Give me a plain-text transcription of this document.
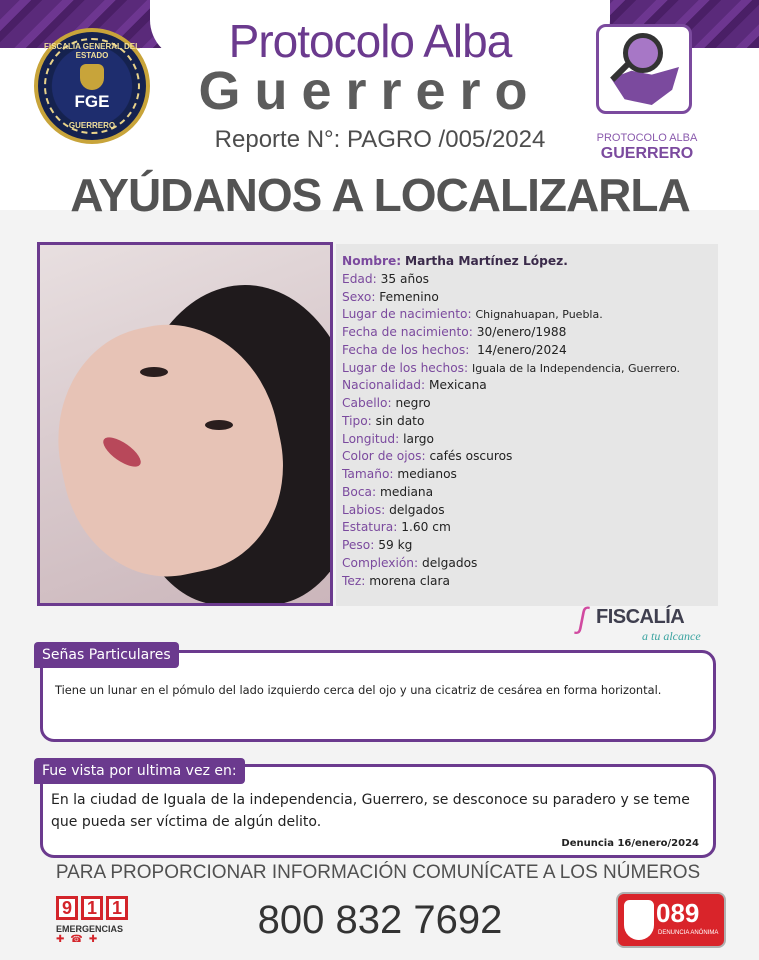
FISCALÍA GENERAL DEL ESTADO
FGE
GUERRERO
Protocolo Alba
Guerrero
Reporte N°: PAGRO /005/2024	PROTOCOLO ALBA
GUERRERO
AYÚDANOS A LOCALIZARLA
Nombre: Martha Martínez López.
Edad: 35 años
Sexo: Femenino
Lugar de nacimiento: Chignahuapan, Puebla.
Fecha de nacimiento: 30/enero/1988
Fecha de los hechos: 14/enero/2024
Lugar de los hechos: Iguala de la Independencia, Guerrero.
Nacionalidad: Mexicana
Cabello: negro
Tipo: sin dato
Longitud: largo
Color de ojos: cafés oscuros
Tamaño: medianos
Boca: mediana
Labios: delgados
Estatura: 1.60 cm
Peso: 59 kg
Complexión: delgados
Tez: morena clara
ʃ FISCALÍA
a tu alcance
Tiene un lunar en el pómulo del lado izquierdo cerca del ojo y una cicatriz de cesárea en forma horizontal.
Señas Particulares
En la ciudad de Iguala de la independencia, Guerrero, se desconoce su paradero y se teme que pueda ser víctima de algún delito.
Denuncia 16/enero/2024
Fue vista por ultima vez en:
PARA PROPORCIONAR INFORMACIÓN COMUNÍCATE A LOS NÚMEROS
9 1 1
EMERGENCIAS
✚☎✚	800 832 7692	089
DENUNCIA ANÓNIMA
